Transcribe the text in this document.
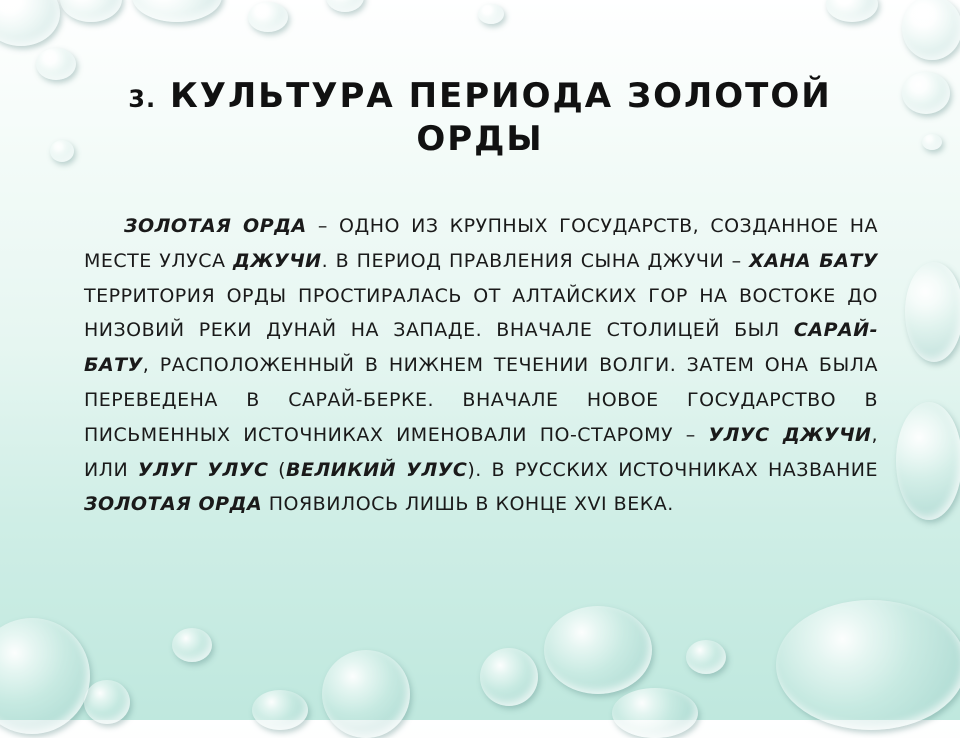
3. КУЛЬТУРА ПЕРИОДА ЗОЛОТОЙ ОРДЫ

ЗОЛОТАЯ ОРДА – ОДНО ИЗ КРУПНЫХ ГОСУДАРСТВ, СОЗДАННОЕ НА МЕСТЕ УЛУСА ДЖУЧИ. В ПЕРИОД ПРАВЛЕНИЯ СЫНА ДЖУЧИ – ХАНА БАТУ ТЕРРИТОРИЯ ОРДЫ ПРОСТИРАЛАСЬ ОТ АЛТАЙСКИХ ГОР НА ВОСТОКЕ ДО НИЗОВИЙ РЕКИ ДУНАЙ НА ЗАПАДЕ. ВНАЧАЛЕ СТОЛИЦЕЙ БЫЛ САРАЙ-БАТУ, РАСПОЛОЖЕННЫЙ В НИЖНЕМ ТЕЧЕНИИ ВОЛГИ. ЗАТЕМ ОНА БЫЛА ПЕРЕВЕДЕНА В САРАЙ-БЕРКЕ. ВНАЧАЛЕ НОВОЕ ГОСУДАРСТВО В ПИСЬМЕННЫХ ИСТОЧНИКАХ ИМЕНОВАЛИ ПО-СТАРОМУ – УЛУС ДЖУЧИ, ИЛИ УЛУГ УЛУС (ВЕЛИКИЙ УЛУС). В РУССКИХ ИСТОЧНИКАХ НАЗВАНИЕ ЗОЛОТАЯ ОРДА ПОЯВИЛОСЬ ЛИШЬ В КОНЦЕ XVI ВЕКА.
